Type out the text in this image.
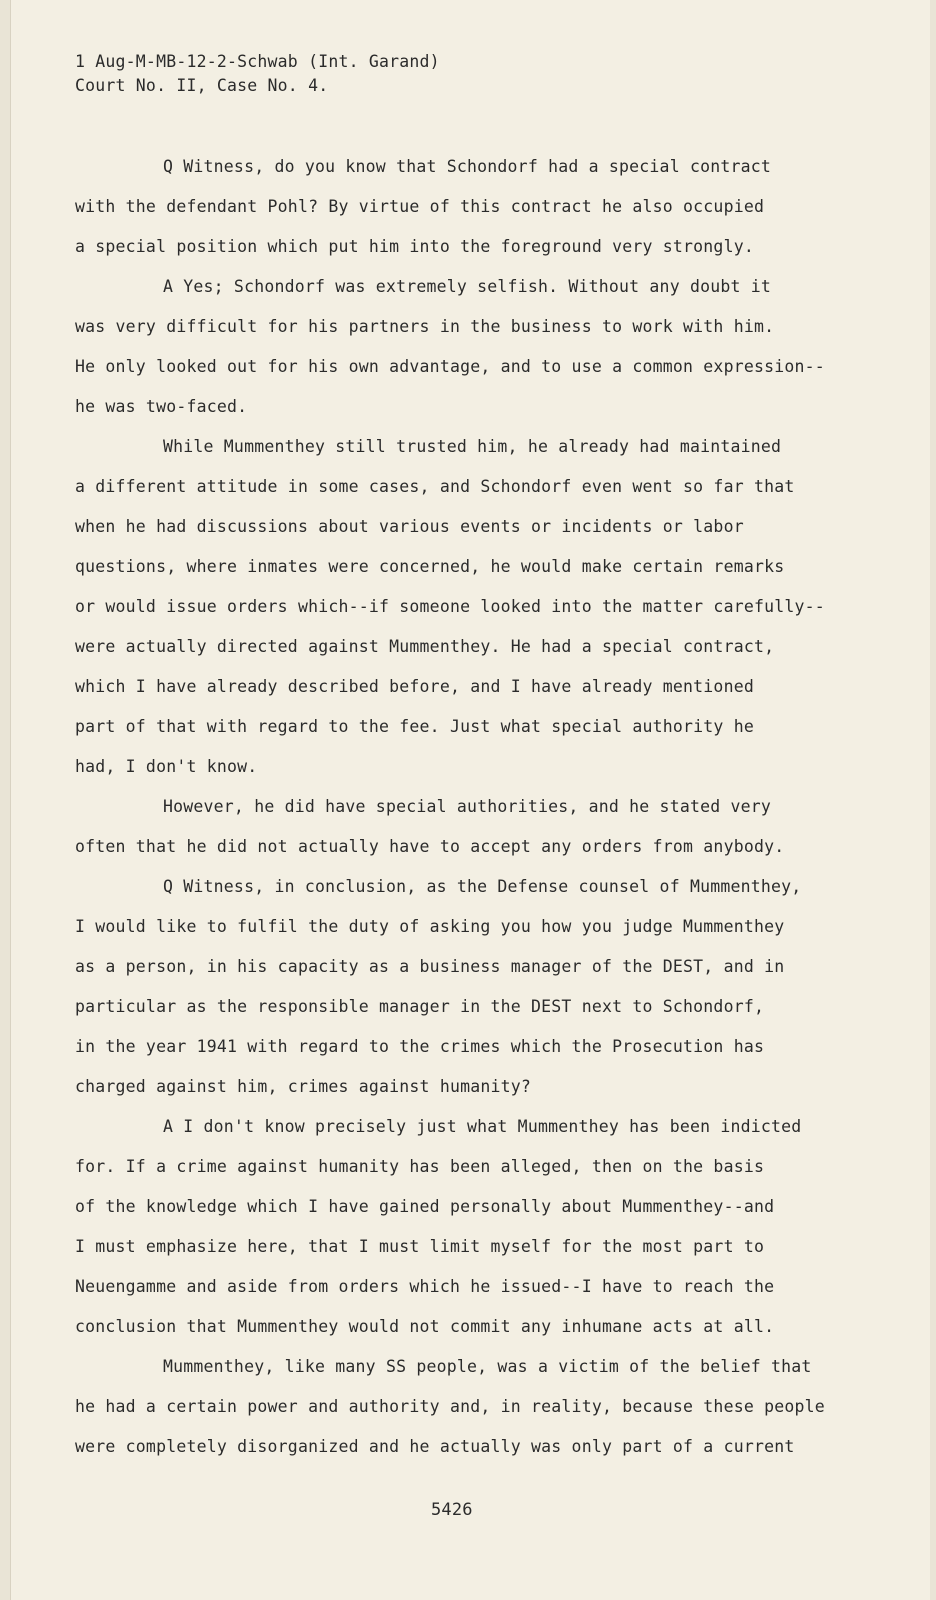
1 Aug-M-MB-12-2-Schwab (Int. Garand)
Court No. II, Case No. 4.
Q Witness, do you know that Schondorf had a special contract
with the defendant Pohl? By virtue of this contract he also occupied
a special position which put him into the foreground very strongly.
A Yes; Schondorf was extremely selfish. Without any doubt it
was very difficult for his partners in the business to work with him.
He only looked out for his own advantage, and to use a common expression--
he was two-faced.
While Mummenthey still trusted him, he already had maintained
a different attitude in some cases, and Schondorf even went so far that
when he had discussions about various events or incidents or labor
questions, where inmates were concerned, he would make certain remarks
or would issue orders which--if someone looked into the matter carefully--
were actually directed against Mummenthey. He had a special contract,
which I have already described before, and I have already mentioned
part of that with regard to the fee. Just what special authority he
had, I don't know.
However, he did have special authorities, and he stated very
often that he did not actually have to accept any orders from anybody.
Q Witness, in conclusion, as the Defense counsel of Mummenthey,
I would like to fulfil the duty of asking you how you judge Mummenthey
as a person, in his capacity as a business manager of the DEST, and in
particular as the responsible manager in the DEST next to Schondorf,
in the year 1941 with regard to the crimes which the Prosecution has
charged against him, crimes against humanity?
A I don't know precisely just what Mummenthey has been indicted
for. If a crime against humanity has been alleged, then on the basis
of the knowledge which I have gained personally about Mummenthey--and
I must emphasize here, that I must limit myself for the most part to
Neuengamme and aside from orders which he issued--I have to reach the
conclusion that Mummenthey would not commit any inhumane acts at all.
Mummenthey, like many SS people, was a victim of the belief that
he had a certain power and authority and, in reality, because these people
were completely disorganized and he actually was only part of a current
5426
